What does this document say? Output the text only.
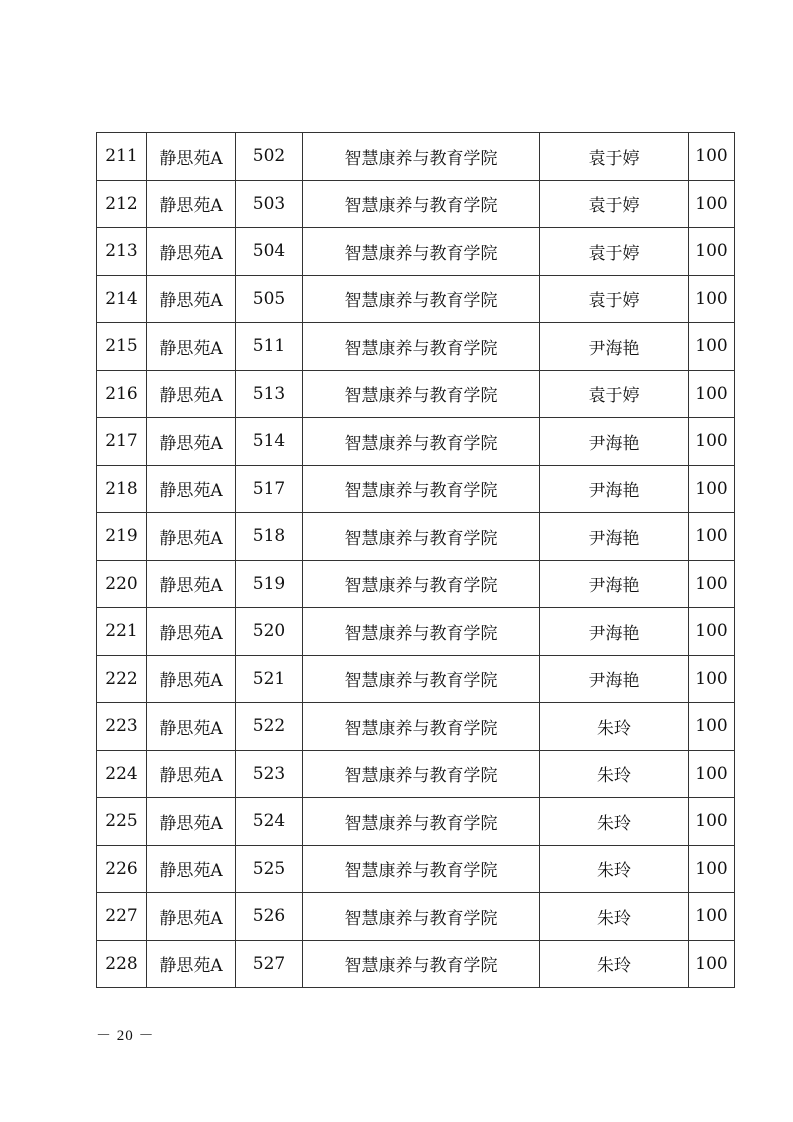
211	静思苑A	502	智慧康养与教育学院	袁于婷	100
212	静思苑A	503	智慧康养与教育学院	袁于婷	100
213	静思苑A	504	智慧康养与教育学院	袁于婷	100
214	静思苑A	505	智慧康养与教育学院	袁于婷	100
215	静思苑A	511	智慧康养与教育学院	尹海艳	100
216	静思苑A	513	智慧康养与教育学院	袁于婷	100
217	静思苑A	514	智慧康养与教育学院	尹海艳	100
218	静思苑A	517	智慧康养与教育学院	尹海艳	100
219	静思苑A	518	智慧康养与教育学院	尹海艳	100
220	静思苑A	519	智慧康养与教育学院	尹海艳	100
221	静思苑A	520	智慧康养与教育学院	尹海艳	100
222	静思苑A	521	智慧康养与教育学院	尹海艳	100
223	静思苑A	522	智慧康养与教育学院	朱玲	100
224	静思苑A	523	智慧康养与教育学院	朱玲	100
225	静思苑A	524	智慧康养与教育学院	朱玲	100
226	静思苑A	525	智慧康养与教育学院	朱玲	100
227	静思苑A	526	智慧康养与教育学院	朱玲	100
228	静思苑A	527	智慧康养与教育学院	朱玲	100
－ 20 －
